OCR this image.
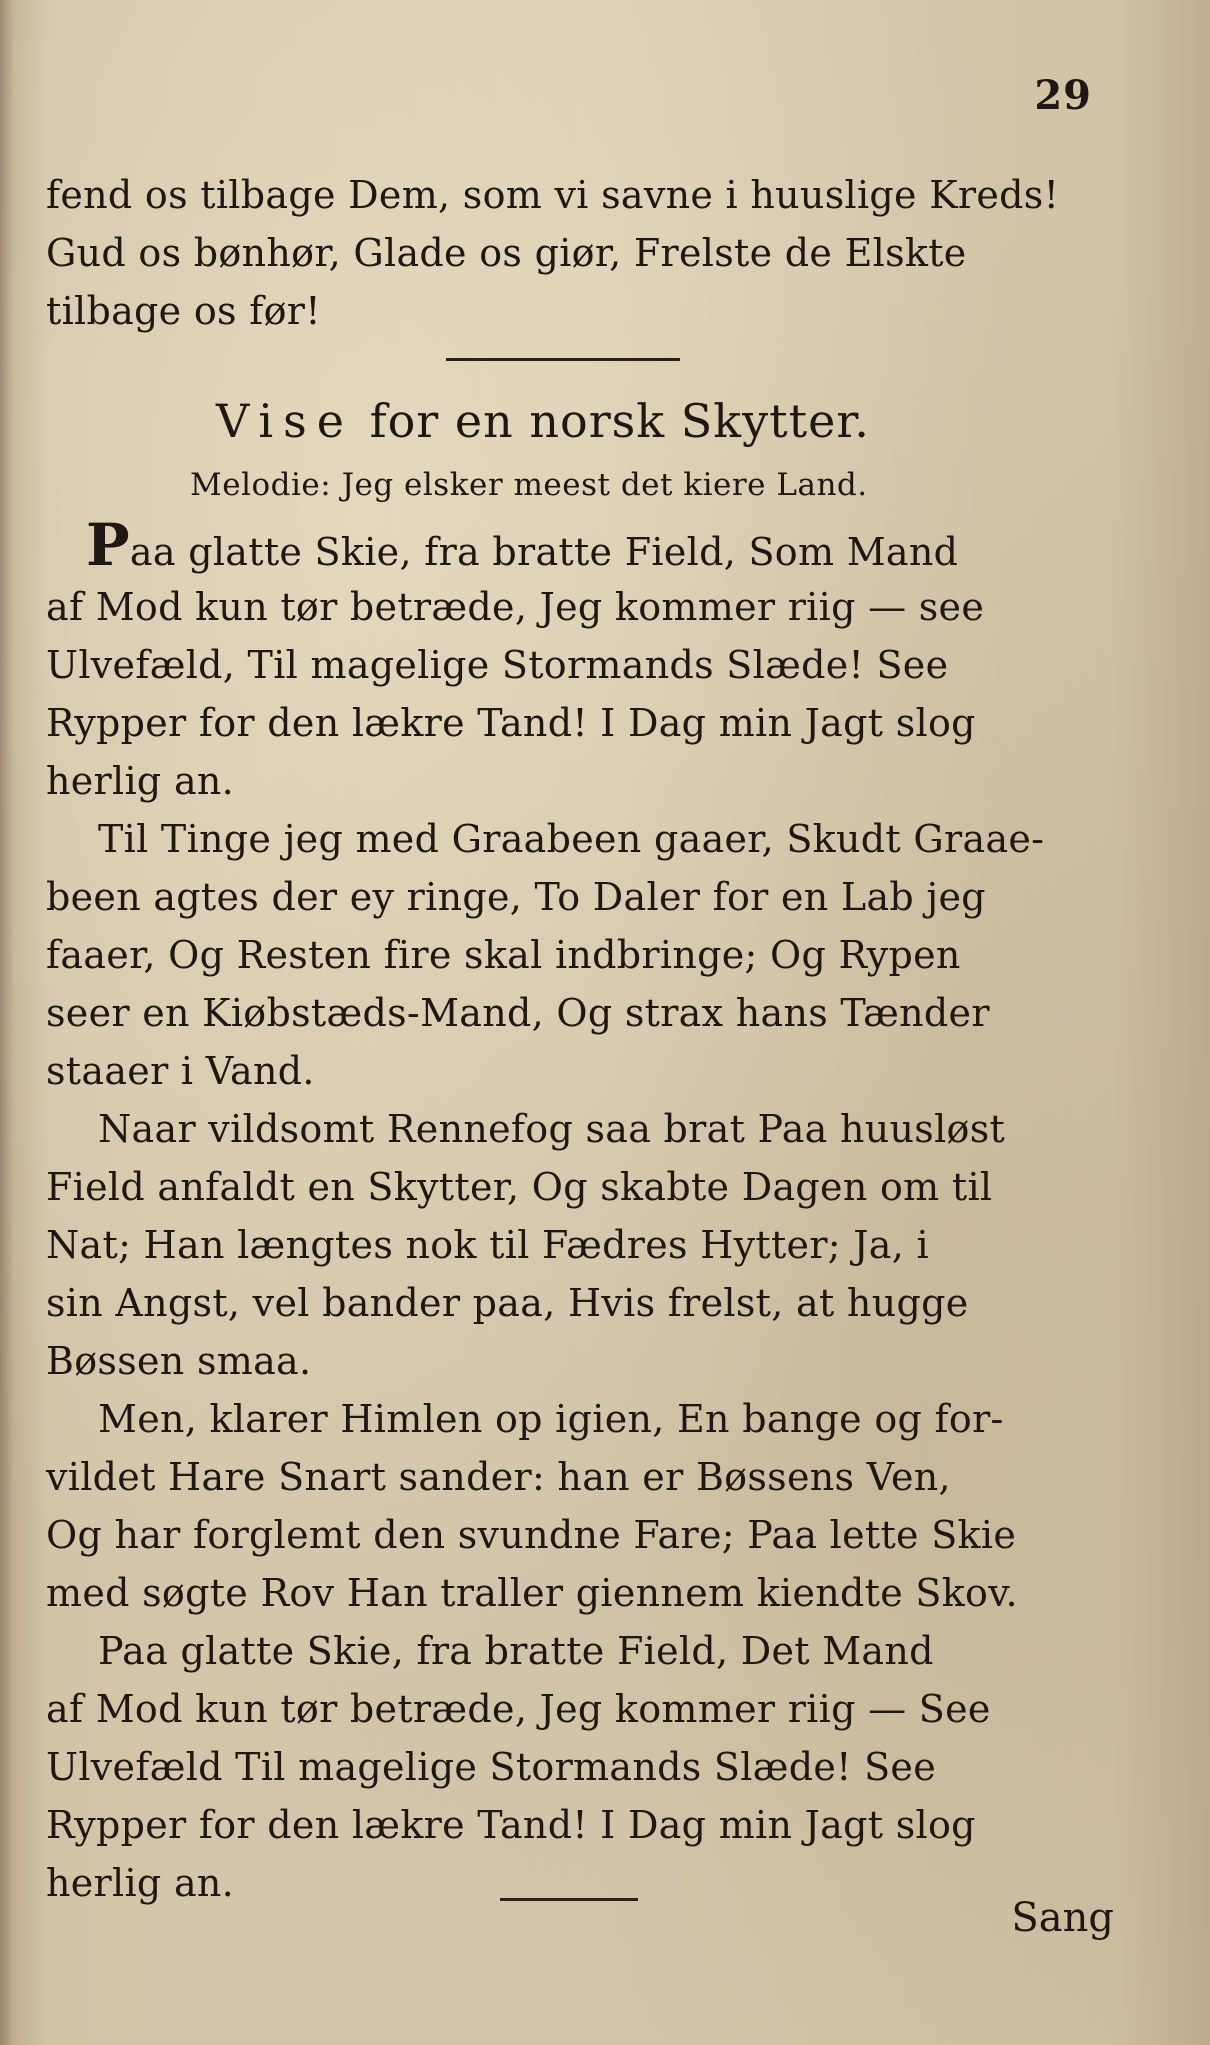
29
fend os tilbage Dem, som vi savne i huuslige Kreds!
Gud os bønhør, Glade os giør, Frelste de Elskte
tilbage os før!
Vise for en norsk Skytter.
Melodie: Jeg elsker meest det kiere Land.
Paa glatte Skie, fra bratte Field, Som Mand
af Mod kun tør betræde, Jeg kommer riig — see
Ulvefæld, Til magelige Stormands Slæde! See
Rypper for den lækre Tand! I Dag min Jagt slog
herlig an.
Til Tinge jeg med Graabeen gaaer, Skudt Graae-
been agtes der ey ringe, To Daler for en Lab jeg
faaer, Og Resten fire skal indbringe; Og Rypen
seer en Kiøbstæds-Mand, Og strax hans Tænder
staaer i Vand.
Naar vildsomt Rennefog saa brat Paa huusløst
Field anfaldt en Skytter, Og skabte Dagen om til
Nat; Han længtes nok til Fædres Hytter; Ja, i
sin Angst, vel bander paa, Hvis frelst, at hugge
Bøssen smaa.
Men, klarer Himlen op igien, En bange og for-
vildet Hare Snart sander: han er Bøssens Ven,
Og har forglemt den svundne Fare; Paa lette Skie
med søgte Rov Han traller giennem kiendte Skov.
Paa glatte Skie, fra bratte Field, Det Mand
af Mod kun tør betræde, Jeg kommer riig — See
Ulvefæld Til magelige Stormands Slæde! See
Rypper for den lækre Tand! I Dag min Jagt slog
herlig an.
Sang
